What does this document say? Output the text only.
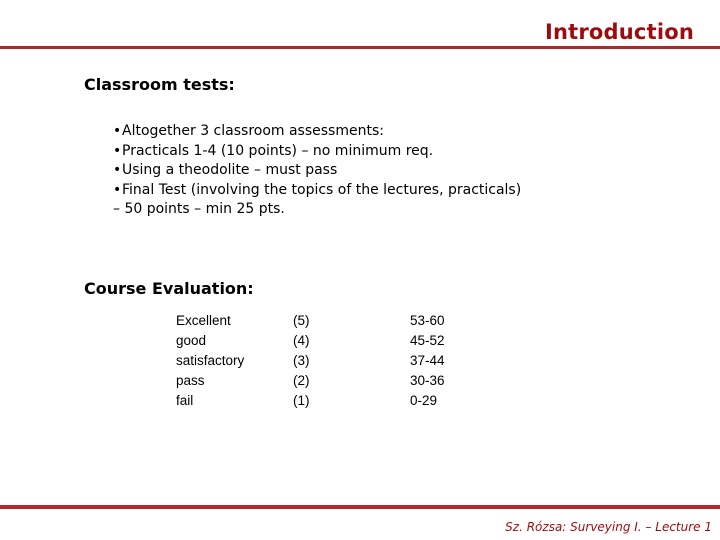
Introduction
Classroom tests:
•Altogether 3 classroom assessments:
•Practicals 1-4 (10 points) – no minimum req.
•Using a theodolite – must pass
•Final Test (involving the topics of the lectures, practicals)
– 50 points – min 25 pts.
Course Evaluation:
Excellent	(5)	53-60
good	(4)	45-52
satisfactory	(3)	37-44
pass	(2)	30-36
fail	(1)	0-29
Sz. Rózsa: Surveying I. – Lecture 1
